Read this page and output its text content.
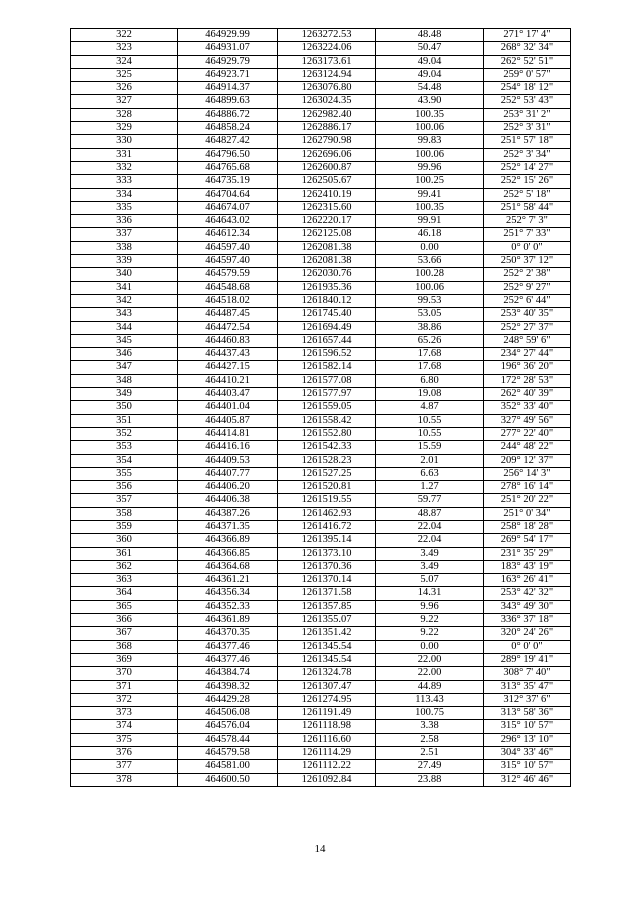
322	464929.99	1263272.53	48.48	271° 17' 4"
323	464931.07	1263224.06	50.47	268° 32' 34"
324	464929.79	1263173.61	49.04	262° 52' 51"
325	464923.71	1263124.94	49.04	259° 0' 57"
326	464914.37	1263076.80	54.48	254° 18' 12"
327	464899.63	1263024.35	43.90	252° 53' 43"
328	464886.72	1262982.40	100.35	253° 31' 2"
329	464858.24	1262886.17	100.06	252° 3' 31"
330	464827.42	1262790.98	99.83	251° 57' 18"
331	464796.50	1262696.06	100.06	252° 3' 34"
332	464765.68	1262600.87	99.96	252° 14' 27"
333	464735.19	1262505.67	100.25	252° 15' 26"
334	464704.64	1262410.19	99.41	252° 5' 18"
335	464674.07	1262315.60	100.35	251° 58' 44"
336	464643.02	1262220.17	99.91	252° 7' 3"
337	464612.34	1262125.08	46.18	251° 7' 33"
338	464597.40	1262081.38	0.00	0° 0' 0"
339	464597.40	1262081.38	53.66	250° 37' 12"
340	464579.59	1262030.76	100.28	252° 2' 38"
341	464548.68	1261935.36	100.06	252° 9' 27"
342	464518.02	1261840.12	99.53	252° 6' 44"
343	464487.45	1261745.40	53.05	253° 40' 35"
344	464472.54	1261694.49	38.86	252° 27' 37"
345	464460.83	1261657.44	65.26	248° 59' 6"
346	464437.43	1261596.52	17.68	234° 27' 44"
347	464427.15	1261582.14	17.68	196° 36' 20"
348	464410.21	1261577.08	6.80	172° 28' 53"
349	464403.47	1261577.97	19.08	262° 40' 39"
350	464401.04	1261559.05	4.87	352° 33' 40"
351	464405.87	1261558.42	10.55	327° 49' 56"
352	464414.81	1261552.80	10.55	277° 22' 40"
353	464416.16	1261542.33	15.59	244° 48' 22"
354	464409.53	1261528.23	2.01	209° 12' 37"
355	464407.77	1261527.25	6.63	256° 14' 3"
356	464406.20	1261520.81	1.27	278° 16' 14"
357	464406.38	1261519.55	59.77	251° 20' 22"
358	464387.26	1261462.93	48.87	251° 0' 34"
359	464371.35	1261416.72	22.04	258° 18' 28"
360	464366.89	1261395.14	22.04	269° 54' 17"
361	464366.85	1261373.10	3.49	231° 35' 29"
362	464364.68	1261370.36	3.49	183° 43' 19"
363	464361.21	1261370.14	5.07	163° 26' 41"
364	464356.34	1261371.58	14.31	253° 42' 32"
365	464352.33	1261357.85	9.96	343° 49' 30"
366	464361.89	1261355.07	9.22	336° 37' 18"
367	464370.35	1261351.42	9.22	320° 24' 26"
368	464377.46	1261345.54	0.00	0° 0' 0"
369	464377.46	1261345.54	22.00	289° 19' 41"
370	464384.74	1261324.78	22.00	308° 7' 40"
371	464398.32	1261307.47	44.89	313° 35' 47"
372	464429.28	1261274.95	113.43	312° 37' 6"
373	464506.08	1261191.49	100.75	313° 58' 36"
374	464576.04	1261118.98	3.38	315° 10' 57"
375	464578.44	1261116.60	2.58	296° 13' 10"
376	464579.58	1261114.29	2.51	304° 33' 46"
377	464581.00	1261112.22	27.49	315° 10' 57"
378	464600.50	1261092.84	23.88	312° 46' 46"
14
